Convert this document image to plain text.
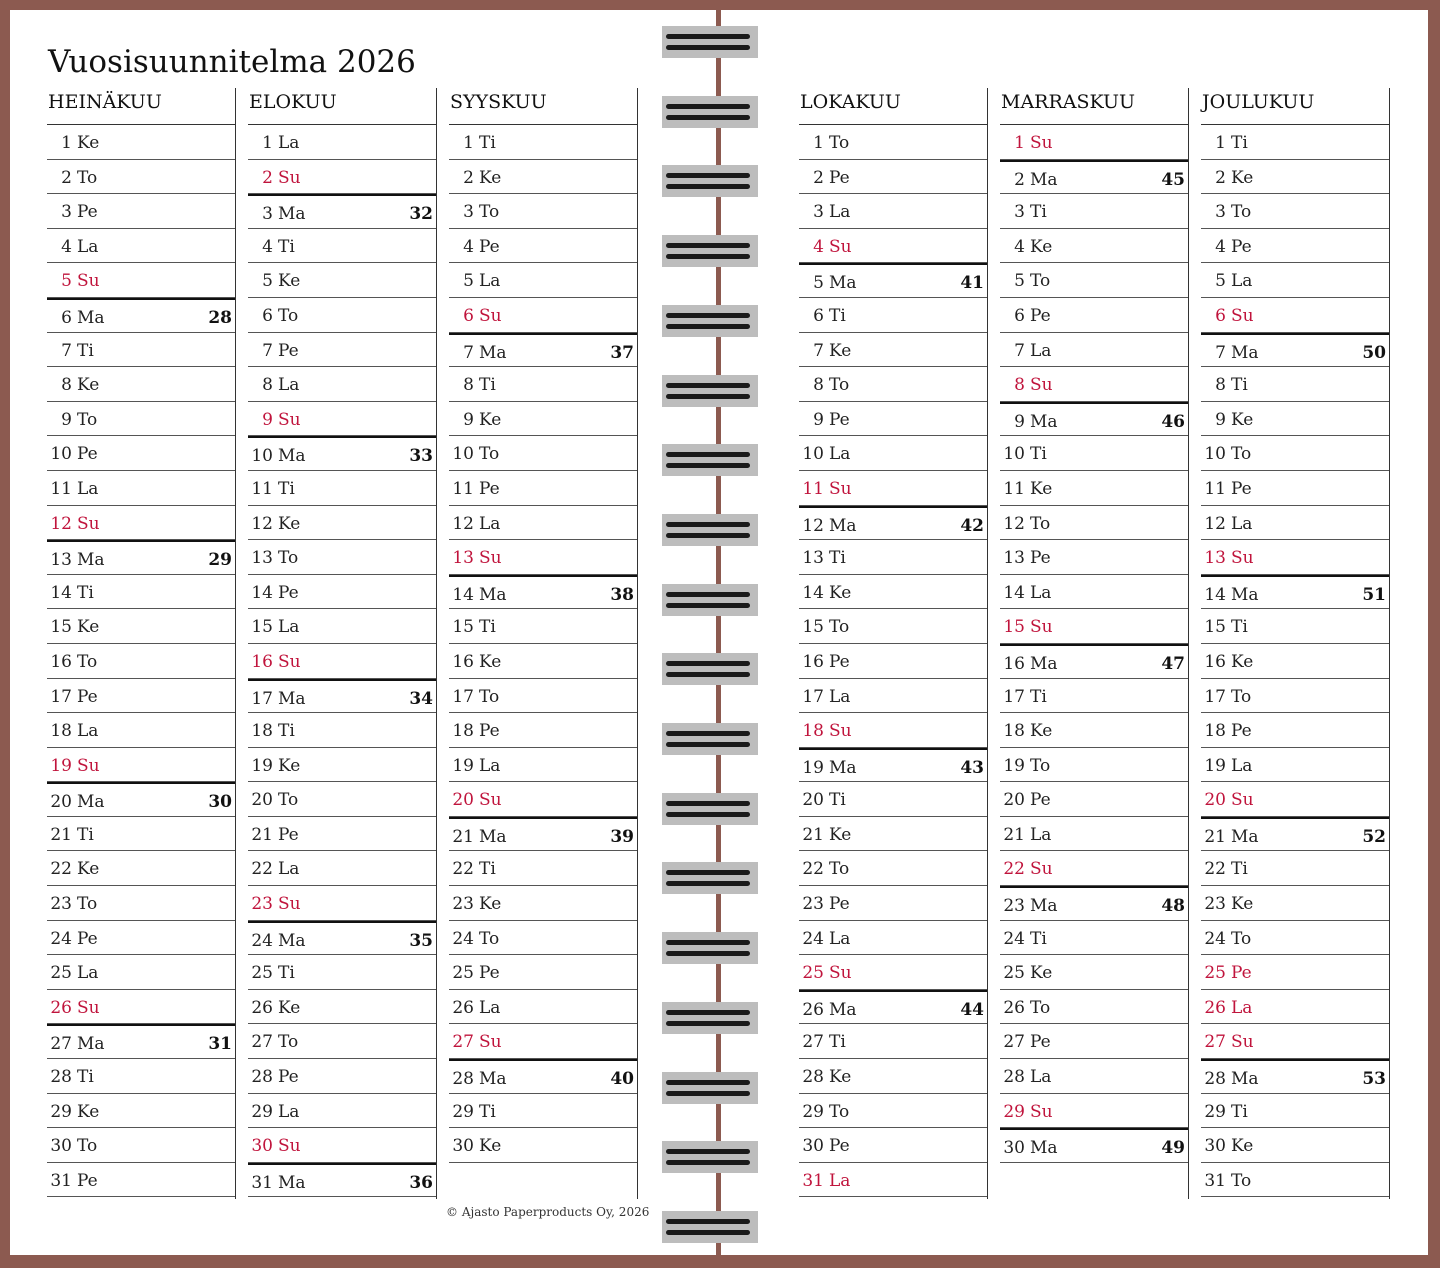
Vuosisuunnitelma 2026
HEINÄKUU
1 Ke
2 To
3 Pe
4 La
5 Su
6 Ma	28
7 Ti
8 Ke
9 To
10 Pe
11 La
12 Su
13 Ma	29
14 Ti
15 Ke
16 To
17 Pe
18 La
19 Su
20 Ma	30
21 Ti
22 Ke
23 To
24 Pe
25 La
26 Su
27 Ma	31
28 Ti
29 Ke
30 To
31 Pe
ELOKUU
1 La
2 Su
3 Ma	32
4 Ti
5 Ke
6 To
7 Pe
8 La
9 Su
10 Ma	33
11 Ti
12 Ke
13 To
14 Pe
15 La
16 Su
17 Ma	34
18 Ti
19 Ke
20 To
21 Pe
22 La
23 Su
24 Ma	35
25 Ti
26 Ke
27 To
28 Pe
29 La
30 Su
31 Ma	36
SYYSKUU
1 Ti
2 Ke
3 To
4 Pe
5 La
6 Su
7 Ma	37
8 Ti
9 Ke
10 To
11 Pe
12 La
13 Su
14 Ma	38
15 Ti
16 Ke
17 To
18 Pe
19 La
20 Su
21 Ma	39
22 Ti
23 Ke
24 To
25 Pe
26 La
27 Su
28 Ma	40
29 Ti
30 Ke
LOKAKUU
1 To
2 Pe
3 La
4 Su
5 Ma	41
6 Ti
7 Ke
8 To
9 Pe
10 La
11 Su
12 Ma	42
13 Ti
14 Ke
15 To
16 Pe
17 La
18 Su
19 Ma	43
20 Ti
21 Ke
22 To
23 Pe
24 La
25 Su
26 Ma	44
27 Ti
28 Ke
29 To
30 Pe
31 La
MARRASKUU
1 Su
2 Ma	45
3 Ti
4 Ke
5 To
6 Pe
7 La
8 Su
9 Ma	46
10 Ti
11 Ke
12 To
13 Pe
14 La
15 Su
16 Ma	47
17 Ti
18 Ke
19 To
20 Pe
21 La
22 Su
23 Ma	48
24 Ti
25 Ke
26 To
27 Pe
28 La
29 Su
30 Ma	49
JOULUKUU
1 Ti
2 Ke
3 To
4 Pe
5 La
6 Su
7 Ma	50
8 Ti
9 Ke
10 To
11 Pe
12 La
13 Su
14 Ma	51
15 Ti
16 Ke
17 To
18 Pe
19 La
20 Su
21 Ma	52
22 Ti
23 Ke
24 To
25 Pe
26 La
27 Su
28 Ma	53
29 Ti
30 Ke
31 To
© Ajasto Paperproducts Oy, 2026
